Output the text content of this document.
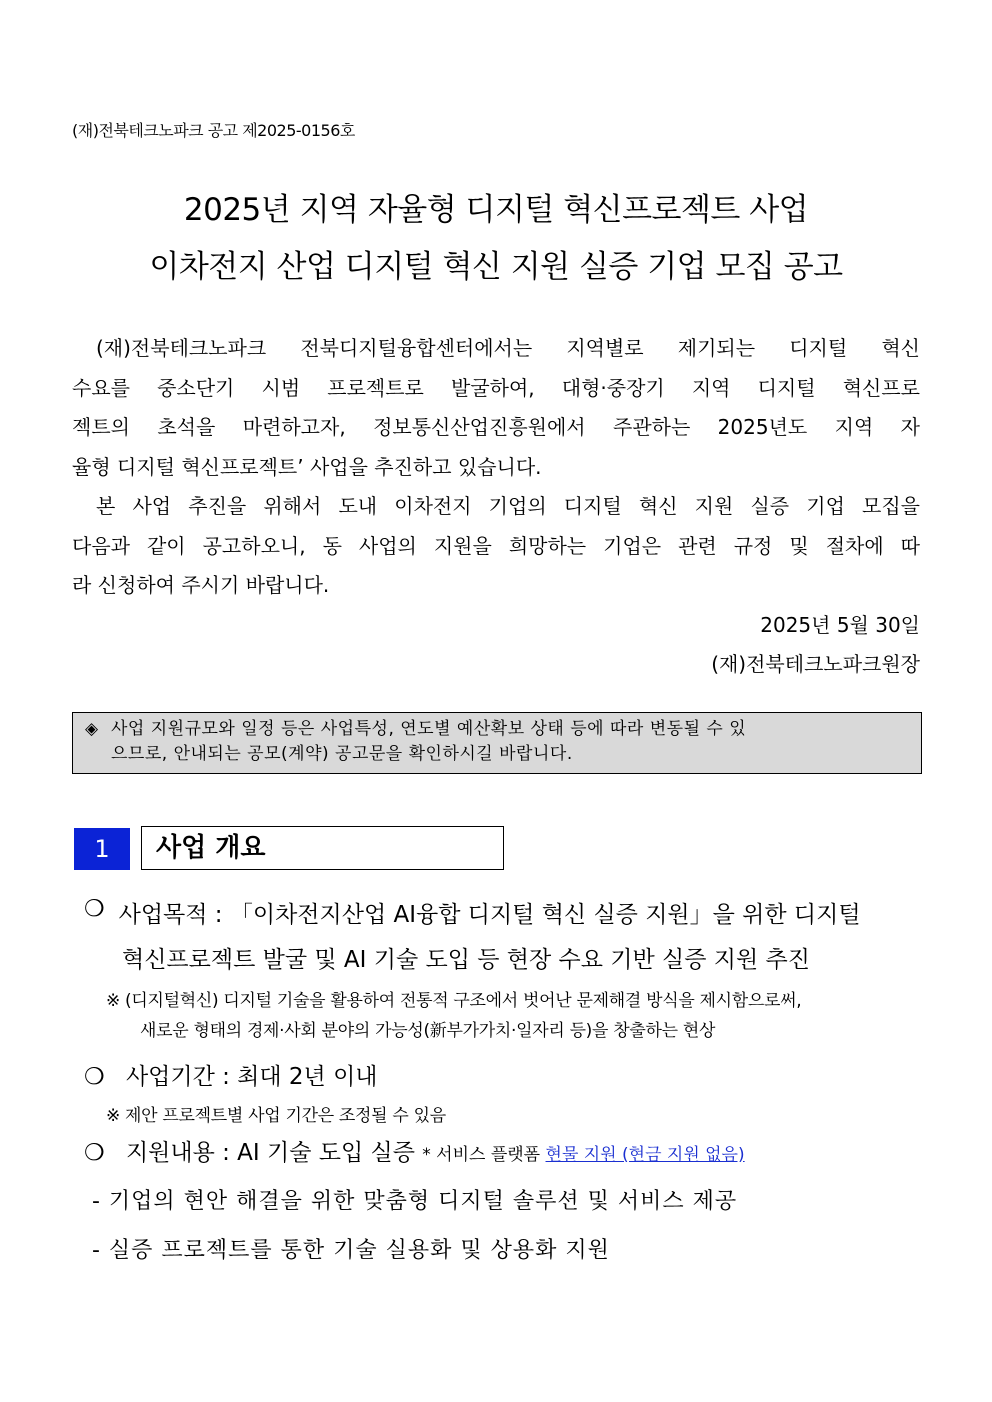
(재)전북테크노파크 공고 제2025-0156호
2025년 지역 자율형 디지털 혁신프로젝트 사업
이차전지 산업 디지털 혁신 지원 실증 기업 모집 공고
(재)전북테크노파크 전북디지털융합센터에서는 지역별로 제기되는 디지털 혁신
수요를 중소단기 시범 프로젝트로 발굴하여, 대형·중장기 지역 디지털 혁신프로
젝트의 초석을 마련하고자, 정보통신산업진흥원에서 주관하는 2025년도 지역 자
율형 디지털 혁신프로젝트’ 사업을 추진하고 있습니다.
본 사업 추진을 위해서 도내 이차전지 기업의 디지털 혁신 지원 실증 기업 모집을
다음과 같이 공고하오니, 동 사업의 지원을 희망하는 기업은 관련 규정 및 절차에 따
라 신청하여 주시기 바랍니다.
2025년 5월 30일
(재)전북테크노파크원장
◈ 사업 지원규모와 일정 등은 사업특성, 연도별 예산확보 상태 등에 따라 변동될 수 있
으므로, 안내되는 공모(계약) 공고문을 확인하시길 바랍니다.
1	사업 개요
❍ 사업목적 : 「이차전지산업 AI융합 디지털 혁신 실증 지원」을 위한 디지털
혁신프로젝트 발굴 및 AI 기술 도입 등 현장 수요 기반 실증 지원 추진
※ (디지털혁신) 디지털 기술을 활용하여 전통적 구조에서 벗어난 문제해결 방식을 제시함으로써,
새로운 형태의 경제·사회 분야의 가능성(新부가가치·일자리 등)을 창출하는 현상
❍ 사업기간 : 최대 2년 이내
※ 제안 프로젝트별 사업 기간은 조정될 수 있음
❍ 지원내용 : AI 기술 도입 실증 * 서비스 플랫폼 현물 지원 (현금 지원 없음)
- 기업의 현안 해결을 위한 맞춤형 디지털 솔루션 및 서비스 제공
- 실증 프로젝트를 통한 기술 실용화 및 상용화 지원
